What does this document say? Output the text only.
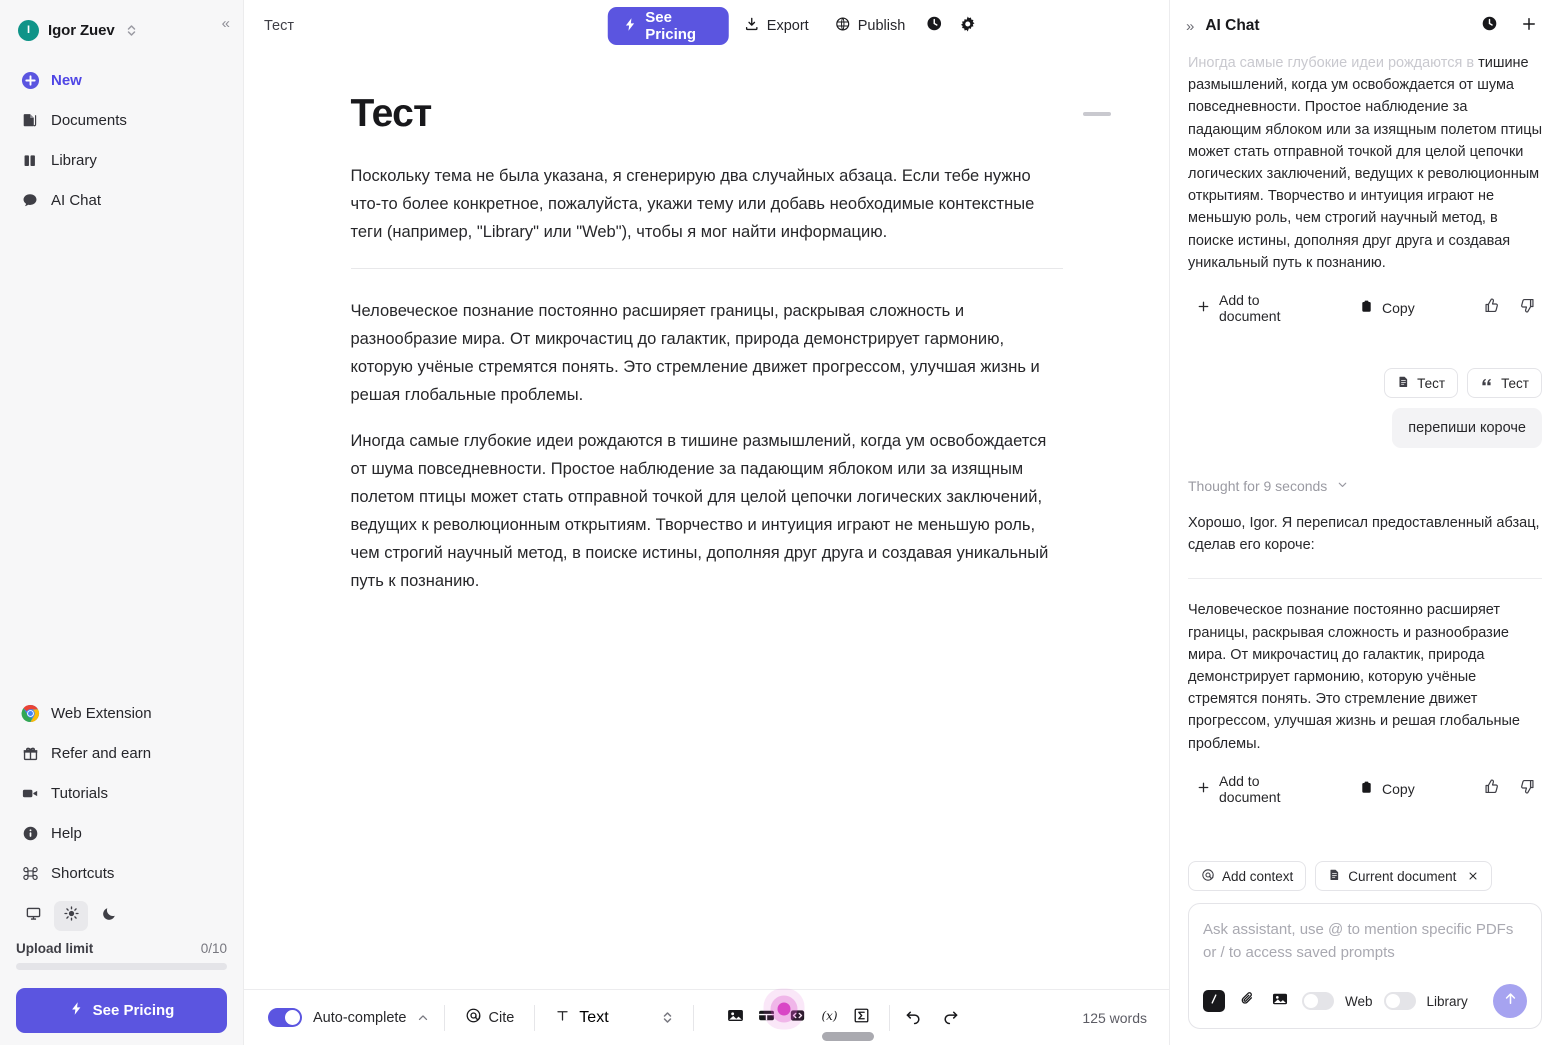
I	Igor Zuev	«
New
Documents
Library
AI Chat
Web Extension
Refer and earn
Tutorials
Help
Shortcuts
Upload limit	0/10
See Pricing
Тест	See Pricing	Export	Publish
Тест

Поскольку тема не была указана, я сгенерирую два случайных абзаца. Если тебе нужно что-то более конкретное, пожалуйста, укажи тему или добавь необходимые контекстные теги (например, "Library" или "Web"), чтобы я мог найти информацию.

Человеческое познание постоянно расширяет границы, раскрывая сложность и разнообразие мира. От микрочастиц до галактик, природа демонстрирует гармонию, которую учёные стремятся понять. Это стремление движет прогрессом, улучшая жизнь и решая глобальные проблемы.

Иногда самые глубокие идеи рождаются в тишине размышлений, когда ум освобождается от шума повседневности. Простое наблюдение за падающим яблоком или за изящным полетом птицы может стать отправной точкой для целой цепочки логических заключений, ведущих к революционным открытиям. Творчество и интуиция играют не меньшую роль, чем строгий научный метод, в поиске истины, дополняя друг друга и создавая уникальный путь к познанию.

Auto-complete	Cite	Text	(x)	125 words
» AI Chat
Иногда самые глубокие идеи рождаются в тишине размышлений, когда ум освобождается от шума повседневности. Простое наблюдение за падающим яблоком или за изящным полетом птицы может стать отправной точкой для целой цепочки логических заключений, ведущих к революционным открытиям. Творчество и интуиция играют не меньшую роль, чем строгий научный метод, в поиске истины, дополняя друг друга и создавая уникальный путь к познанию.
Add to document	Copy
Тест	Тест
перепиши короче
Thought for 9 seconds
Хорошо, Igor. Я переписал предоставленный абзац, сделав его короче:
Человеческое познание постоянно расширяет границы, раскрывая сложность и разнообразие мира. От микрочастиц до галактик, природа демонстрирует гармонию, которую учёные стремятся понять. Это стремление движет прогрессом, улучшая жизнь и решая глобальные проблемы.
Add to document	Copy
Add context	Current document
Ask assistant, use @ to mention specific PDFs or / to access saved prompts
Web	Library
